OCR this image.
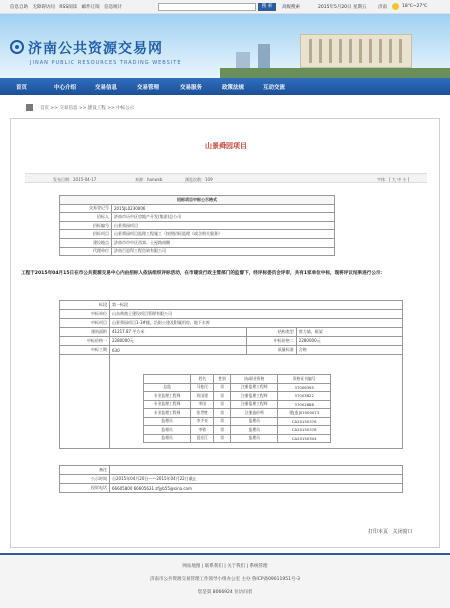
信息自助 无障碍访问 RSS阅读 邮件订阅 信息统计	搜 索	高级搜索	2015年5月20日 星期五	济南	18℃~27℃
济南公共资源交易网
JINAN PUBLIC RESOURCES TRADING WEBSITE
首页	中心介绍	交易信息	交易管理	交易服务	政策法规	互动交流
首页 >> 交易信息 >> 建设工程 >> 中标公示
山景舜园项目
发布日期：2015-04-17	来源：hanwsb	浏览次数：109	字体：[ 大 中 小 ]
招标项目中标公示格式	
交易登记号	2015JL0230006
招标人	济南市历中区房地产开发(集团)总公司
招标编号	山景舜园项目
招标项目	山景舜园项目监理工程施工（按照招标监理《或含相关服务》
建设地点	济南市市中区西郊、土屋路南侧
代理单位	济南百思得工程咨询有限公司
工程于2015年04月15日在市公共资源交易中心内由招标人依法组织评标活动，在市建设行政主管部门的监督下，经评标委员会评审，共有1家单位中标，现将评议结果进行公示：
标段	第一标段		
中标单位	山东黄商土建设项目管理有限公司		
中标项目	山景舜园项目1-3#楼、沿街公建及附属用房、地下车库		
建筑面积	41217.87 平方米	结构类型	剪力墙、框架
中标价格一	2280000元	中标价格二	2280000元
中标工期	630	质量标准	合格

	姓名	性别	执/职业资格	资格证书编号
总监	马桂民	男	注册监理工程师	37006395
专业监理工程师	尚国建	男	注册监理工程师	37003822
专业监理工程师	李国	男	注册监理工程师	37002688
专业监理工程师	张世胜	男	注册造价师	建[造]07000073
监理员	李手亮	男	监理员	CA20150376
监理员	李锁	男	监理员	CA20150378
监理员	聂宏江	男	监理员	CA20150304
备注	
公示时间	自2015年04月20日——2015年04月22日截止
投诉电话	66605800 66605631 zfjyb55@sina.com
打印本页 关闭窗口
网站地图 | 联系我们 | 关于我们 | 系统管理
济南市公共资源交易管理工作领导小组办公室 主办 鲁ICP备09011951号-3
您是第 8066924 位访问者
